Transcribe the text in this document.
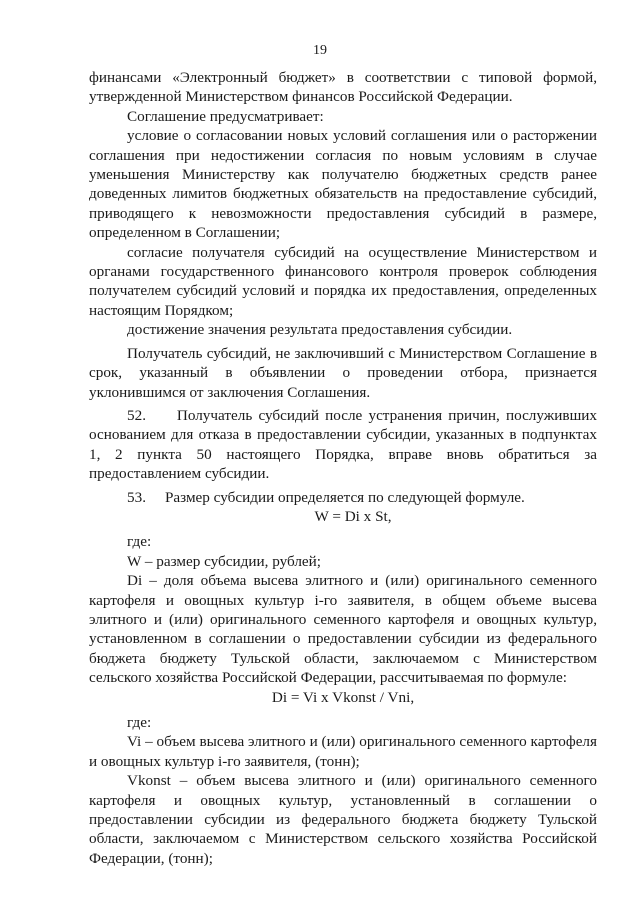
19

финансами «Электронный бюджет» в соответствии с типовой формой, утвержденной Министерством финансов Российской Федерации.

Соглашение предусматривает:

условие о согласовании новых условий соглашения или о расторжении соглашения при недостижении согласия по новым условиям в случае уменьшения Министерству как получателю бюджетных средств ранее доведенных лимитов бюджетных обязательств на предоставление субсидий, приводящего к невозможности предоставления субсидий в размере, определенном в Соглашении;

согласие получателя субсидий на осуществление Министерством и органами государственного финансового контроля проверок соблюдения получателем субсидий условий и порядка их предоставления, определенных настоящим Порядком;

достижение значения результата предоставления субсидии.

Получатель субсидий, не заключивший с Министерством Соглашение в срок, указанный в объявлении о проведении отбора, признается уклонившимся от заключения Соглашения.

52.     Получатель субсидий после устранения причин, послуживших основанием для отказа в предоставлении субсидии, указанных в подпунктах 1, 2 пункта 50 настоящего Порядка, вправе вновь обратиться за предоставлением субсидии.

53.     Размер субсидии определяется по следующей формуле.

W = Di x St,

где:

W – размер субсидии, рублей;

Di – доля объема высева элитного и (или) оригинального семенного картофеля и овощных культур i-го заявителя, в общем объеме высева элитного и (или) оригинального семенного картофеля и овощных культур, установленном в соглашении о предоставлении субсидии из федерального бюджета бюджету Тульской области, заключаемом с Министерством сельского хозяйства Российской Федерации, рассчитываемая по формуле:

Di = Vi x Vkonst / Vni,

где:

Vi – объем высева элитного и (или) оригинального семенного картофеля и овощных культур i-го заявителя, (тонн);

Vkonst – объем высева элитного и (или) оригинального семенного картофеля и овощных культур, установленный в соглашении о предоставлении субсидии из федерального бюджета бюджету Тульской области, заключаемом с Министерством сельского хозяйства Российской Федерации, (тонн);
